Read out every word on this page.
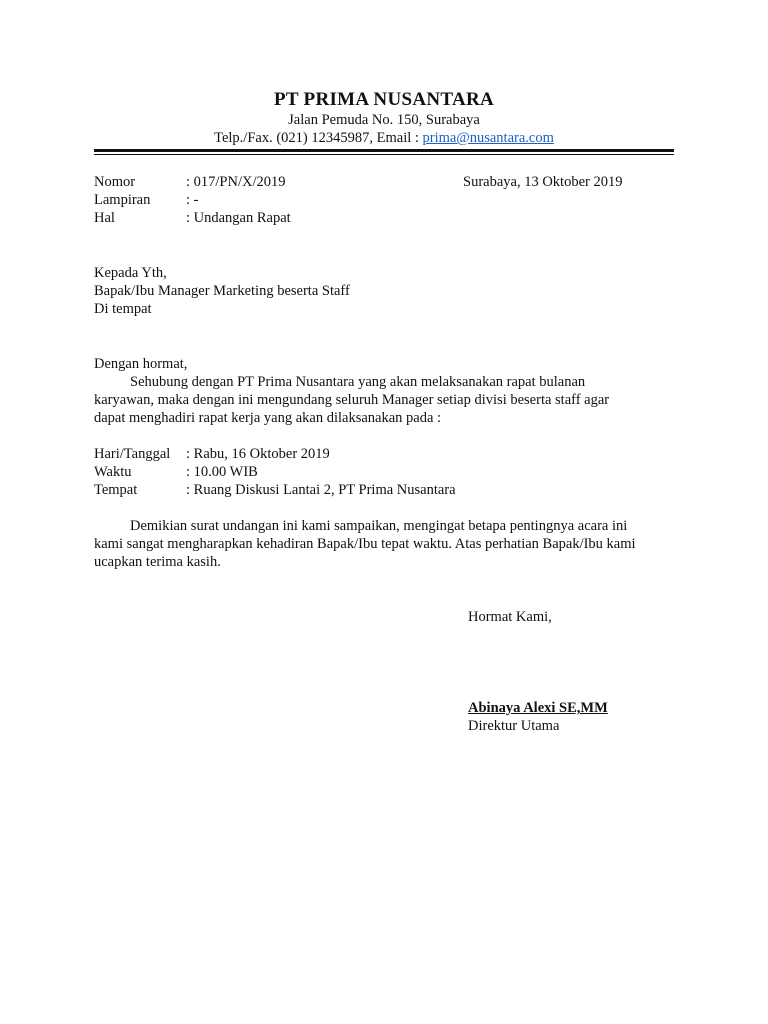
PT PRIMA NUSANTARA
Jalan Pemuda No. 150, Surabaya
Telp./Fax. (021) 12345987, Email : prima@nusantara.com
Nomor	: 017/PN/X/2019	Surabaya, 13 Oktober 2019
Lampiran : -
Hal	: Undangan Rapat
Kepada Yth,
Bapak/Ibu Manager Marketing beserta Staff
Di tempat
Dengan hormat,
Sehubung dengan PT Prima Nusantara yang akan melaksanakan rapat bulanan
karyawan, maka dengan ini mengundang seluruh Manager setiap divisi beserta staff agar
dapat menghadiri rapat kerja yang akan dilaksanakan pada :
Hari/Tanggal : Rabu, 16 Oktober 2019
Waktu	: 10.00 WIB
Tempat	: Ruang Diskusi Lantai 2, PT Prima Nusantara
Demikian surat undangan ini kami sampaikan, mengingat betapa pentingnya acara ini
kami sangat mengharapkan kehadiran Bapak/Ibu tepat waktu. Atas perhatian Bapak/Ibu kami
ucapkan terima kasih.
Hormat Kami,
Abinaya Alexi SE,MM
Direktur Utama
